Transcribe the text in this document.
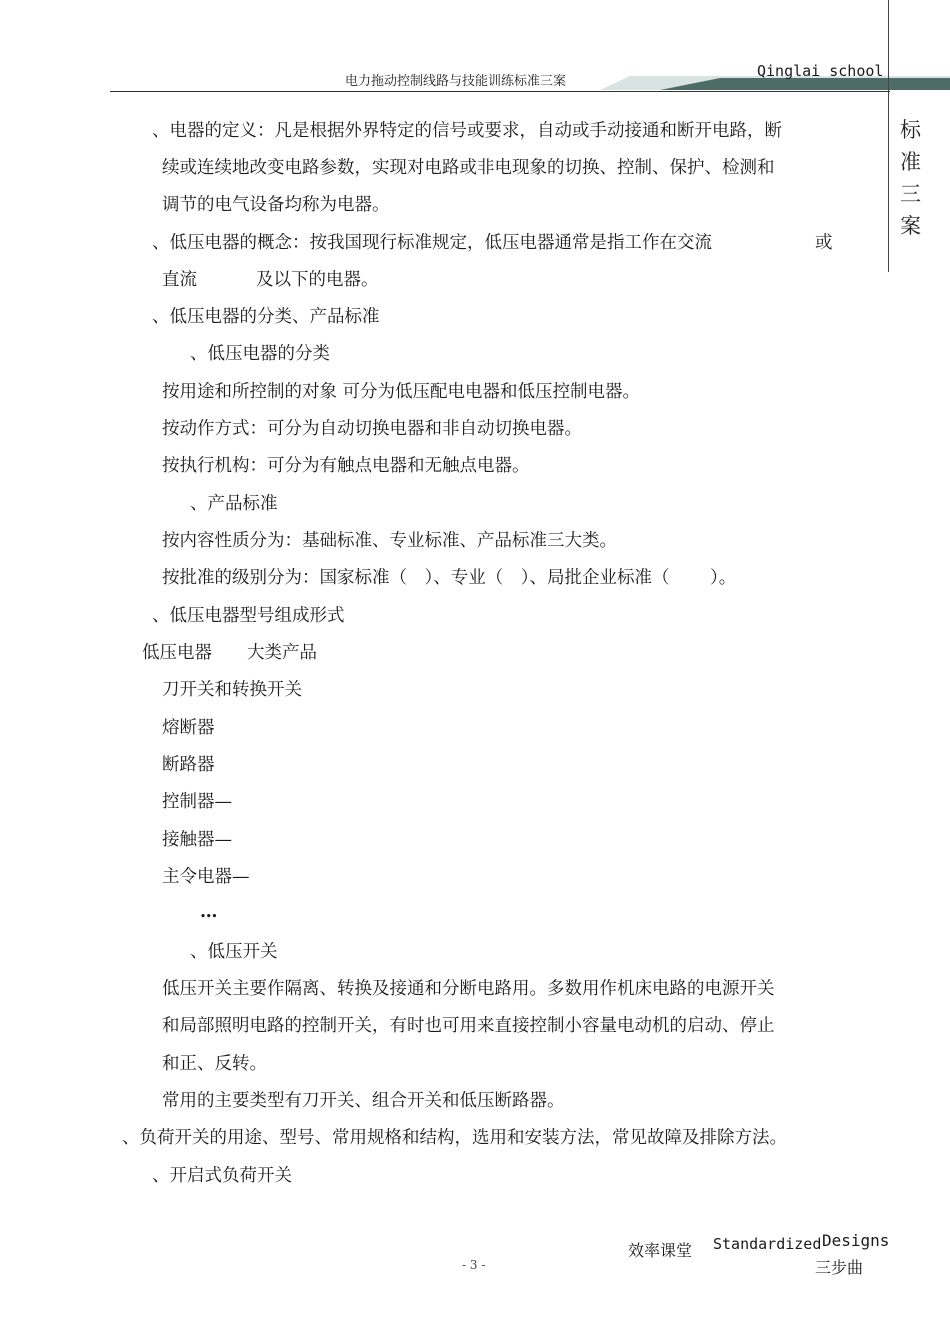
电力拖动控制线路与技能训练标准三案
Qinglai school
标
准
三
案
、电器的定义：凡是根据外界特定的信号或要求，自动或手动接通和断开电路，断
续或连续地改变电路参数，实现对电路或非电现象的切换、控制、保护、检测和
调节的电气设备均称为电器。
、低压电器的概念：按我国现行标准规定，低压电器通常是指工作在交流	或
直流	及以下的电器。
、低压电器的分类、产品标准
、低压电器的分类
按用途和所控制的对象 可分为低压配电电器和低压控制电器。
按动作方式：可分为自动切换电器和非自动切换电器。
按执行机构：可分为有触点电器和无触点电器。
、产品标准
按内容性质分为：基础标准、专业标准、产品标准三大类。
按批准的级别分为：国家标准（　）、专业（　）、局批企业标准（　　 ）。
、低压电器型号组成形式
低压电器　　大类产品
刀开关和转换开关
熔断器
断路器
控制器—
接触器—
主令电器—
…
、低压开关
低压开关主要作隔离、转换及接通和分断电路用。多数用作机床电路的电源开关
和局部照明电路的控制开关，有时也可用来直接控制小容量电动机的启动、停止
和正、反转。
常用的主要类型有刀开关、组合开关和低压断路器。
、负荷开关的用途、型号、常用规格和结构，选用和安装方法，常见故障及排除方法。
、开启式负荷开关
效率课堂 Standardized Designs
三步曲
- 3 -
